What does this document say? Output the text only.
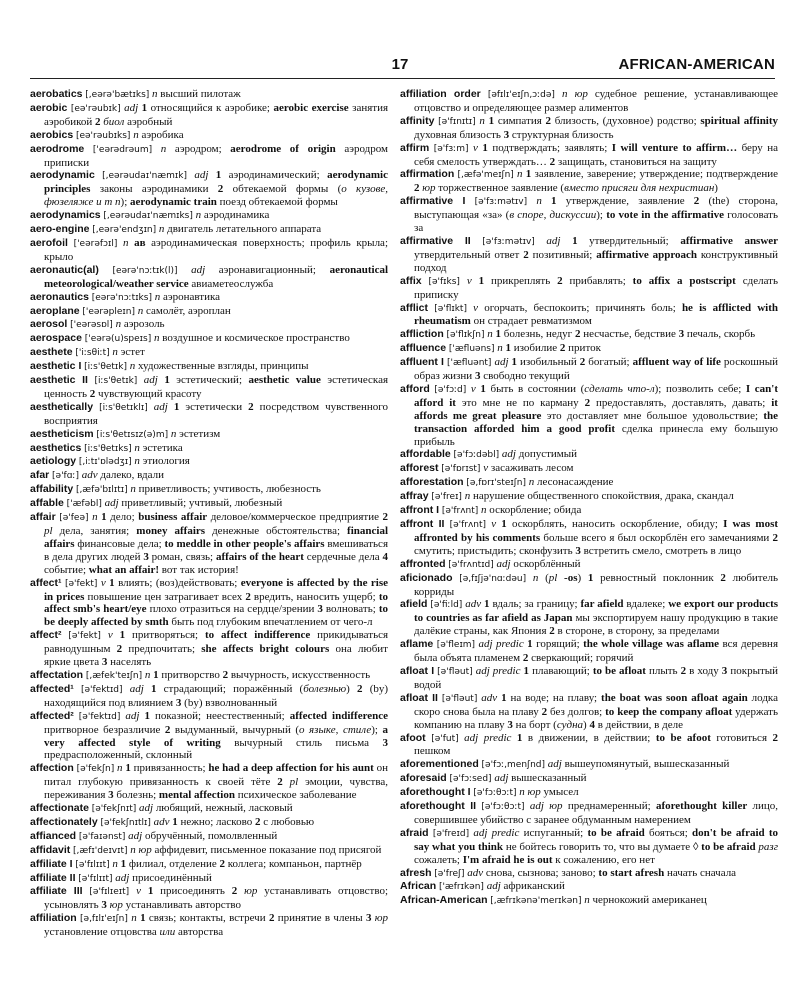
17	AFRICAN-AMERICAN

aerobatics [,eərə'bætɪks] n высший пилотаж

aerobic [eə'rəubɪk] adj 1 относящийся к аэробике; aerobic exercise занятия аэробикой 2 биол аэробный

aerobics [eə'rəubɪks] n аэробика

aerodrome ['eərədrəum] n аэродром; aerodrome of origin аэродром приписки

aerodynamic [,eərəudaɪ'næmɪk] adj 1 аэродинамический; aerodynamic principles законы аэродинамики 2 обтекаемой формы (о кузове, фюзеляже и т п); aerodynamic train поезд обтекаемой формы

aerodynamics [,eərəudaɪ'næmɪks] n аэродинамика

aero-engine [,eərə'endʒɪn] n двигатель летательного аппарата

aerofoil ['eərəfɔɪl] n ав аэродинамическая поверхность; профиль крыла; крыло

aeronautic(al) [eərə'nɔːtɪk(l)] adj аэронавигационный; aeronautical meteorological/weather service авиаметеослужба

aeronautics [eərə'nɔːtɪks] n аэронавтика

aeroplane ['eərəpleɪn] n самолёт, аэроплан

aerosol ['eərəsɒl] n аэрозоль

aerospace ['eərə(u)speɪs] n воздушное и космическое пространство

aesthete ['iːsθiːt] n эстет

aesthetic I [iːs'θetɪk] n художественные взгляды, принципы

aesthetic II [iːs'θetɪk] adj 1 эстетический; aesthetic value эстетическая ценность 2 чувствующий красоту

aesthetically [iːs'θetɪklɪ] adj 1 эстетически 2 посредством чувственного восприятия

aestheticism [iːs'θetɪsɪz(ə)m] n эстетизм

aesthetics [iːs'θetɪks] n эстетика

aetiology [,iːtɪ'ɒlədʒɪ] n этиология

afar [ə'fɑː] adv далеко, вдали

affability [,æfə'bɪlɪtɪ] n приветливость; учтивость, любезность

affable ['æfəbl] adj приветливый; учтивый, любезный

affair [ə'feə] n 1 дело; business affair деловое/коммерческое предприятие 2 pl дела, занятия; money affairs денежные обстоятельства; financial affairs финансовые дела; to meddle in other people's affairs вмешиваться в дела других людей 3 роман, связь; affairs of the heart сердечные дела 4 событие; what an affair! вот так история!

affect¹ [ə'fekt] v 1 влиять; (воз)действовать; everyone is affected by the rise in prices повышение цен затрагивает всех 2 вредить, наносить ущерб; to affect smb's heart/eye плохо отразиться на сердце/зрении 3 волновать; to be deeply affected by smth быть под глубоким впечатлением от чего-л

affect² [ə'fekt] v 1 притворяться; to affect indifference прикидываться равнодушным 2 предпочитать; she affects bright colours она любит яркие цвета 3 населять

affectation [,æfek'teɪʃn] n 1 притворство 2 вычурность, искусственность

affected¹ [ə'fektɪd] adj 1 страдающий; поражённый (болезнью) 2 (by) находящийся под влиянием 3 (by) взволнованный

affected² [ə'fektɪd] adj 1 показной; неестественный; affected indifference притворное безразличие 2 выдуманный, вычурный (о языке, стиле); a very affected style of writing вычурный стиль письма 3 предрасположенный, склонный

affection [ə'fekʃn] n 1 привязанность; he had a deep affection for his aunt он питал глубокую привязанность к своей тёте 2 pl эмоции, чувства, переживания 3 болезнь; mental affection психическое заболевание

affectionate [ə'fekʃnɪt] adj любящий, нежный, ласковый

affectionately [ə'fekʃnɪtlɪ] adv 1 нежно; ласково 2 с любовью

affianced [ə'faɪənst] adj обручённый, помолвленный

affidavit [,æfɪ'deɪvɪt] n юр аффидевит, письменное показание под присягой

affiliate I [ə'fɪlɪɪt] n 1 филиал, отделение 2 коллега; компаньон, партнёр

affiliate II [ə'fɪlɪɪt] adj присоединённый

affiliate III [ə'fɪlɪeɪt] v 1 присоединять 2 юр устанавливать отцовство; усыновлять 3 юр устанавливать авторство

affiliation [ə,fɪlɪ'eɪʃn] n 1 связь; контакты, встречи 2 принятие в члены 3 юр установление отцовства или авторства

affiliation order [əfɪlɪ'eɪʃn,ɔːdə] n юр судебное решение, устанавливающее отцовство и определяющее размер алиментов

affinity [ə'fɪnɪtɪ] n 1 симпатия 2 близость, (духовное) родство; spiritual affinity духовная близость 3 структурная близость

affirm [ə'fɜːm] v 1 подтверждать; заявлять; I will venture to affirm… беру на себя смелость утверждать… 2 защищать, становиться на защиту

affirmation [,æfə'meɪʃn] n 1 заявление, заверение; утверждение; подтверждение 2 юр торжественное заявление (вместо присяги для нехристиан)

affirmative I [ə'fɜːmətɪv] n 1 утверждение, заявление 2 (the) сторона, выступающая «за» (в споре, дискуссии); to vote in the affirmative голосовать за

affirmative II [ə'fɜːmətɪv] adj 1 утвердительный; affirmative answer утвердительный ответ 2 позитивный; affirmative approach конструктивный подход

affix [ə'fɪks] v 1 прикреплять 2 прибавлять; to affix a postscript сделать приписку

afflict [ə'flɪkt] v огорчать, беспокоить; причинять боль; he is afflicted with rheumatism он страдает ревматизмом

affliction [ə'flɪkʃn] n 1 болезнь, недуг 2 несчастье, бедствие 3 печаль, скорбь

affluence ['æfluəns] n 1 изобилие 2 приток

affluent I ['æfluənt] adj 1 изобильный 2 богатый; affluent way of life роскошный образ жизни 3 свободно текущий

afford [ə'fɔːd] v 1 быть в состоянии (сделать что-л); позволить себе; I can't afford it это мне не по карману 2 предоставлять, доставлять, давать; it affords me great pleasure это доставляет мне большое удовольствие; the transaction afforded him a good profit сделка принесла ему большую прибыль

affordable [ə'fɔːdəbl] adj допустимый

afforest [ə'fɒrɪst] v засаживать лесом

afforestation [ə,fɒrɪ'steɪʃn] n лесонасаждение

affray [ə'freɪ] n нарушение общественного спокойствия, драка, скандал

affront I [ə'frʌnt] n оскорбление; обида

affront II [ə'frʌnt] v 1 оскорблять, наносить оскорбление, обиду; I was most affronted by his comments больше всего я был оскорблён его замечаниями 2 смутить; пристыдить; сконфузить 3 встретить смело, смотреть в лицо

affronted [ə'frʌntɪd] adj оскорблённый

aficionado [ə,fɪʃjə'nɑːdəu] n (pl -os) 1 ревностный поклонник 2 любитель корриды

afield [ə'fiːld] adv 1 вдаль; за границу; far afield вдалеке; we export our products to countries as far afield as Japan мы экспортируем нашу продукцию в такие далёкие страны, как Япония 2 в стороне, в сторону, за пределами

aflame [ə'fleɪm] adj predic 1 горящий; the whole village was aflame вся деревня была объята пламенем 2 сверкающий; горячий

afloat I [ə'fləut] adj predic 1 плавающий; to be afloat плыть 2 в ходу 3 покрытый водой

afloat II [ə'fləut] adv 1 на воде; на плаву; the boat was soon afloat again лодка скоро снова была на плаву 2 без долгов; to keep the company afloat удержать компанию на плаву 3 на борт (судна) 4 в действии, в деле

afoot [ə'fut] adj predic 1 в движении, в действии; to be afoot готовиться 2 пешком

aforementioned [ə'fɔː,menʃnd] adj вышеупомянутый, вышесказанный

aforesaid [ə'fɔːsed] adj вышесказанный

aforethought I [ə'fɔːθɔːt] n юр умысел

aforethought II [ə'fɔːθɔːt] adj юр преднамеренный; aforethought killer лицо, совершившее убийство с заранее обдуманным намерением

afraid [ə'freɪd] adj predic испуганный; to be afraid бояться; don't be afraid to say what you think не бойтесь говорить то, что вы думаете ◊ to be afraid разг сожалеть; I'm afraid he is out к сожалению, его нет

afresh [ə'freʃ] adv снова, сызнова; заново; to start afresh начать сначала

African ['æfrɪkən] adj африканский

African-American [,æfrɪkənə'merɪkən] n чернокожий американец
